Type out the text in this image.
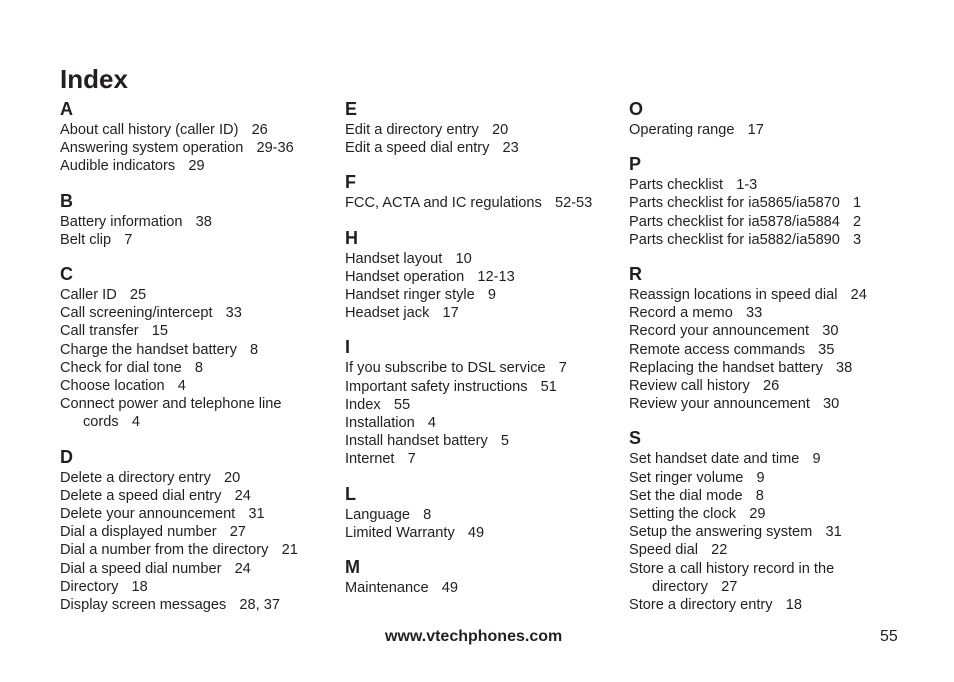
Index
A
About call history (caller ID) 26
Answering system operation 29-36
Audible indicators 29
B
Battery information 38
Belt clip 7
C
Caller ID 25
Call screening/intercept 33
Call transfer 15
Charge the handset battery 8
Check for dial tone 8
Choose location 4
Connect power and telephone line
cords 4
D
Delete a directory entry 20
Delete a speed dial entry 24
Delete your announcement 31
Dial a displayed number 27
Dial a number from the directory 21
Dial a speed dial number 24
Directory 18
Display screen messages 28, 37
E
Edit a directory entry 20
Edit a speed dial entry 23
F
FCC, ACTA and IC regulations 52-53
H
Handset layout 10
Handset operation 12-13
Handset ringer style 9
Headset jack 17
I
If you subscribe to DSL service 7
Important safety instructions 51
Index 55
Installation 4
Install handset battery 5
Internet 7
L
Language 8
Limited Warranty 49
M
Maintenance 49
O
Operating range 17
P
Parts checklist 1-3
Parts checklist for ia5865/ia5870 1
Parts checklist for ia5878/ia5884 2
Parts checklist for ia5882/ia5890 3
R
Reassign locations in speed dial 24
Record a memo 33
Record your announcement 30
Remote access commands 35
Replacing the handset battery 38
Review call history 26
Review your announcement 30
S
Set handset date and time 9
Set ringer volume 9
Set the dial mode 8
Setting the clock 29
Setup the answering system 31
Speed dial 22
Store a call history record in the
directory 27
Store a directory entry 18
www.vtechphones.com	55
